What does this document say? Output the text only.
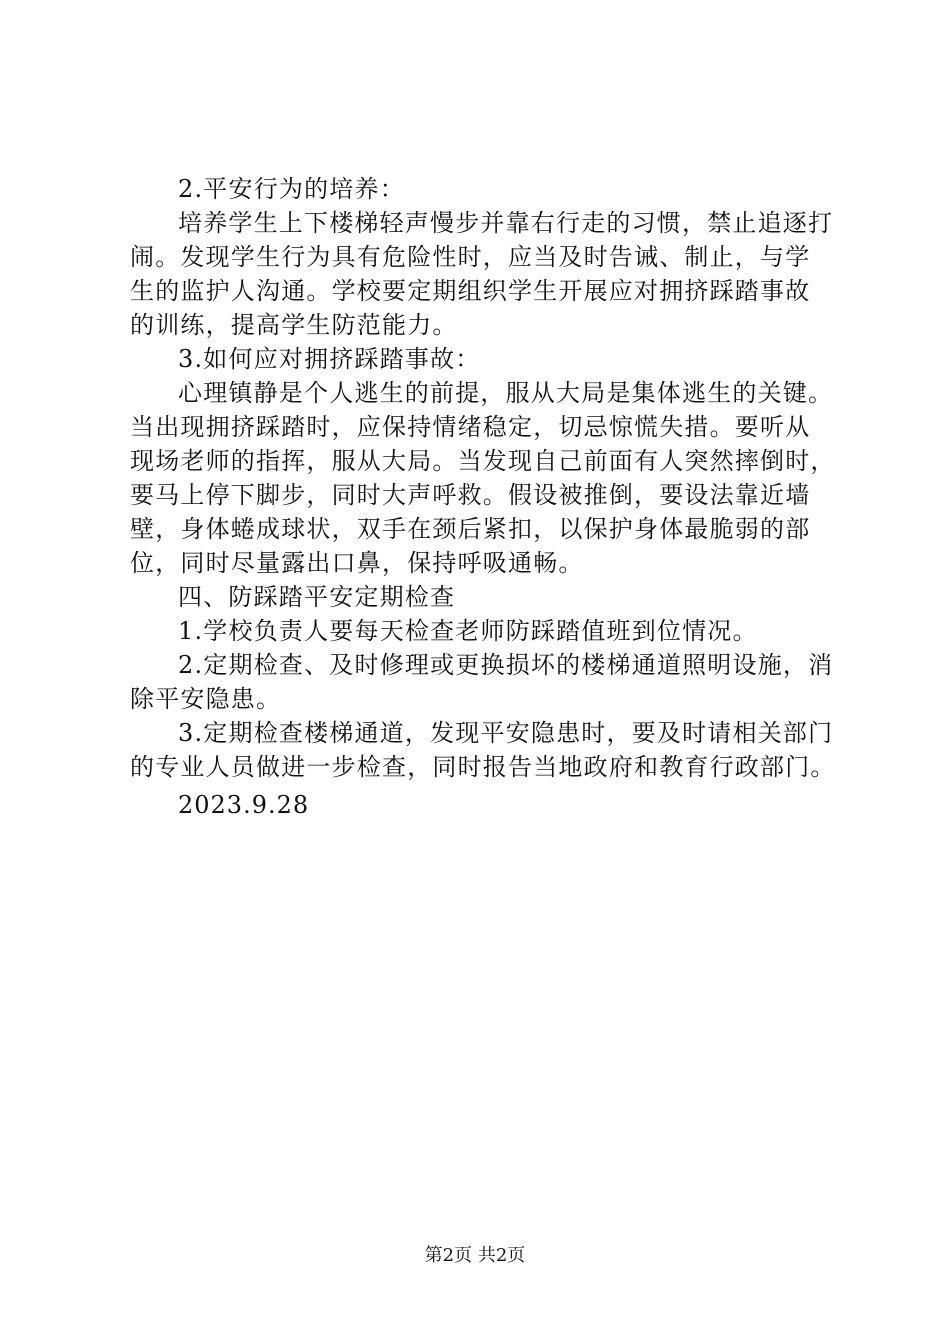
2.平安行为的培养：
培养学生上下楼梯轻声慢步并靠右行走的习惯，禁止追逐打
闹。发现学生行为具有危险性时，应当及时告诫、制止，与学
生的监护人沟通。学校要定期组织学生开展应对拥挤踩踏事故
的训练，提高学生防范能力。
3.如何应对拥挤踩踏事故：
心理镇静是个人逃生的前提，服从大局是集体逃生的关键。
当出现拥挤踩踏时，应保持情绪稳定，切忌惊慌失措。要听从
现场老师的指挥，服从大局。当发现自己前面有人突然摔倒时，
要马上停下脚步，同时大声呼救。假设被推倒，要设法靠近墙
壁，身体蜷成球状，双手在颈后紧扣，以保护身体最脆弱的部
位，同时尽量露出口鼻，保持呼吸通畅。
四、防踩踏平安定期检查
1.学校负责人要每天检查老师防踩踏值班到位情况。
2.定期检查、及时修理或更换损坏的楼梯通道照明设施，消
除平安隐患。
3.定期检查楼梯通道，发现平安隐患时，要及时请相关部门
的专业人员做进一步检查，同时报告当地政府和教育行政部门。
2023.9.28
第2页 共2页
